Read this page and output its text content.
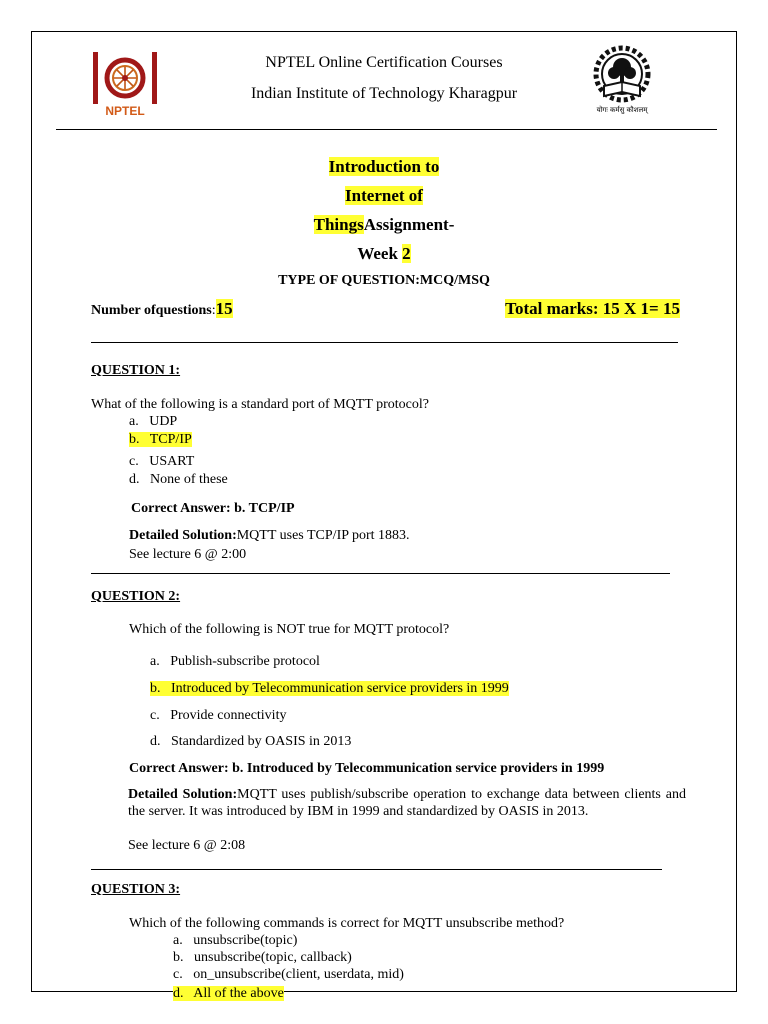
NPTEL
NPTEL Online Certification Courses
Indian Institute of Technology Kharagpur
योगः कर्मसु कौशलम्
Introduction to
Internet of
ThingsAssignment-
Week 2
TYPE OF QUESTION:MCQ/MSQ
Number ofquestions:15	Total marks: 15 X 1= 15
QUESTION 1:
What of the following is a standard port of MQTT protocol?
a.   UDP
b.   TCP/IP
c.   USART
d.   None of these
Correct Answer: b. TCP/IP
Detailed Solution:MQTT uses TCP/IP port 1883.
See lecture 6 @ 2:00
QUESTION 2:
Which of the following is NOT true for MQTT protocol?
a.   Publish-subscribe protocol
b.   Introduced by Telecommunication service providers in 1999
c.   Provide connectivity
d.   Standardized by OASIS in 2013
Correct Answer: b. Introduced by Telecommunication service providers in 1999
Detailed Solution:MQTT uses publish/subscribe operation to exchange data between clients and the server. It was introduced by IBM in 1999 and standardized by OASIS in 2013.
See lecture 6 @ 2:08
QUESTION 3:
Which of the following commands is correct for MQTT unsubscribe method?
a.   unsubscribe(topic)
b.   unsubscribe(topic, callback)
c.   on_unsubscribe(client, userdata, mid)
d.   All of the above
